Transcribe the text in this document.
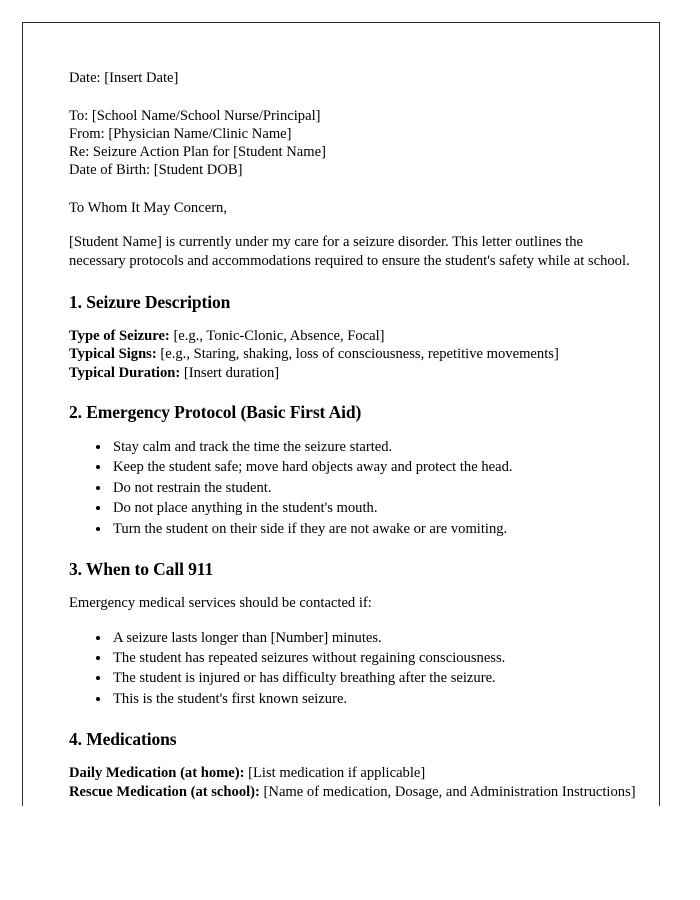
Date: [Insert Date]
To: [School Name/School Nurse/Principal]
From: [Physician Name/Clinic Name]
Re: Seizure Action Plan for [Student Name]
Date of Birth: [Student DOB]
To Whom It May Concern,
[Student Name] is currently under my care for a seizure disorder. This letter outlines the necessary protocols and accommodations required to ensure the student's safety while at school.
1. Seizure Description
Type of Seizure: [e.g., Tonic-Clonic, Absence, Focal]
Typical Signs: [e.g., Staring, shaking, loss of consciousness, repetitive movements]
Typical Duration: [Insert duration]
2. Emergency Protocol (Basic First Aid)
• Stay calm and track the time the seizure started.
• Keep the student safe; move hard objects away and protect the head.
• Do not restrain the student.
• Do not place anything in the student's mouth.
• Turn the student on their side if they are not awake or are vomiting.
3. When to Call 911
Emergency medical services should be contacted if:
• A seizure lasts longer than [Number] minutes.
• The student has repeated seizures without regaining consciousness.
• The student is injured or has difficulty breathing after the seizure.
• This is the student's first known seizure.
4. Medications
Daily Medication (at home): [List medication if applicable]
Rescue Medication (at school): [Name of medication, Dosage, and Administration Instructions]
